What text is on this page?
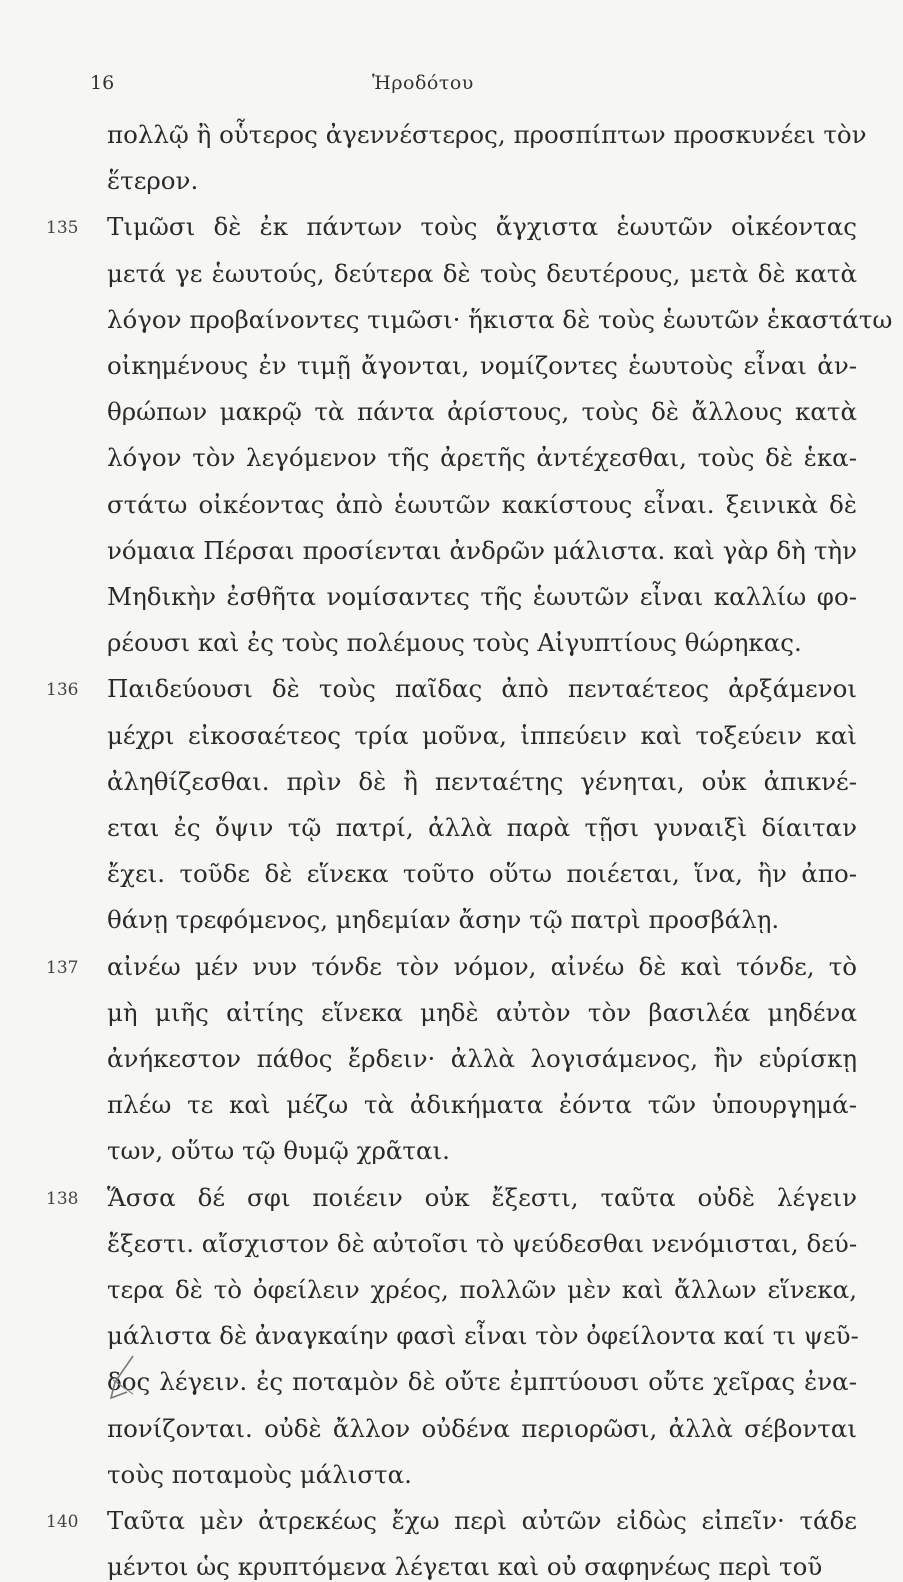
16	Ἡροδότου
πολλῷ ἢ οὗτερος ἀγεννέστερος, προσπίπτων προσκυνέει τὸν
ἕτερον.
135 Τιμῶσι δὲ ἐκ πάντων τοὺς ἄγχιστα ἑωυτῶν οἰκέοντας
μετά γε ἑωυτούς, δεύτερα δὲ τοὺς δευτέρους, μετὰ δὲ κατὰ
λόγον προβαίνοντες τιμῶσι· ἥκιστα δὲ τοὺς ἑωυτῶν ἑκαστάτω
οἰκημένους ἐν τιμῇ ἄγονται, νομίζοντες ἑωυτοὺς εἶναι ἀν-
θρώπων μακρῷ τὰ πάντα ἀρίστους, τοὺς δὲ ἄλλους κατὰ
λόγον τὸν λεγόμενον τῆς ἀρετῆς ἀντέχεσθαι, τοὺς δὲ ἑκα-
στάτω οἰκέοντας ἀπὸ ἑωυτῶν κακίστους εἶναι. ξεινικὰ δὲ
νόμαια Πέρσαι προσίενται ἀνδρῶν μάλιστα. καὶ γὰρ δὴ τὴν
Μηδικὴν ἐσθῆτα νομίσαντες τῆς ἑωυτῶν εἶναι καλλίω φο-
ρέουσι καὶ ἐς τοὺς πολέμους τοὺς Αἰγυπτίους θώρηκας.
136 Παιδεύουσι δὲ τοὺς παῖδας ἀπὸ πενταέτεος ἀρξάμενοι
μέχρι εἰκοσαέτεος τρία μοῦνα, ἱππεύειν καὶ τοξεύειν καὶ
ἀληθίζεσθαι. πρὶν δὲ ἢ πενταέτης γένηται, οὐκ ἀπικνέ-
εται ἐς ὄψιν τῷ πατρί, ἀλλὰ παρὰ τῇσι γυναιξὶ δίαιταν
ἔχει. τοῦδε δὲ εἵνεκα τοῦτο οὕτω ποιέεται, ἵνα, ἢν ἀπο-
θάνῃ τρεφόμενος, μηδεμίαν ἄσην τῷ πατρὶ προσβάλῃ.
137 αἰνέω μέν νυν τόνδε τὸν νόμον, αἰνέω δὲ καὶ τόνδε, τὸ
μὴ μιῆς αἰτίης εἵνεκα μηδὲ αὐτὸν τὸν βασιλέα μηδένα
ἀνήκεστον πάθος ἔρδειν· ἀλλὰ λογισάμενος, ἢν εὑρίσκῃ
πλέω τε καὶ μέζω τὰ ἀδικήματα ἐόντα τῶν ὑπουργημά-
των, οὕτω τῷ θυμῷ χρᾶται.
138 Ἅσσα δέ σφι ποιέειν οὐκ ἔξεστι, ταῦτα οὐδὲ λέγειν
ἔξεστι. αἴσχιστον δὲ αὐτοῖσι τὸ ψεύδεσθαι νενόμισται, δεύ-
τερα δὲ τὸ ὀφείλειν χρέος, πολλῶν μὲν καὶ ἄλλων εἵνεκα,
μάλιστα δὲ ἀναγκαίην φασὶ εἶναι τὸν ὀφείλοντα καί τι ψεῦ-
δος λέγειν. ἐς ποταμὸν δὲ οὔτε ἐμπτύουσι οὔτε χεῖρας ἐνα-
πονίζονται. οὐδὲ ἄλλον οὐδένα περιορῶσι, ἀλλὰ σέβονται
τοὺς ποταμοὺς μάλιστα.
140 Ταῦτα μὲν ἀτρεκέως ἔχω περὶ αὐτῶν εἰδὼς εἰπεῖν· τάδε
μέντοι ὡς κρυπτόμενα λέγεται καὶ οὐ σαφηνέως περὶ τοῦ
